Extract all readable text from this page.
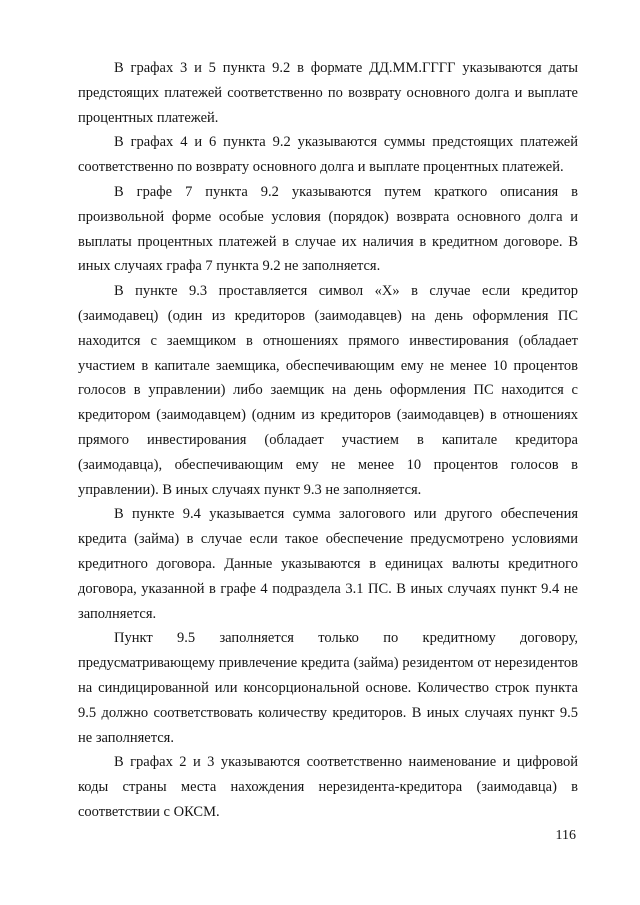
В графах 3 и 5 пункта 9.2 в формате ДД.ММ.ГГГГ указываются даты предстоящих платежей соответственно по возврату основного долга и выплате процентных платежей.

В графах 4 и 6 пункта 9.2 указываются суммы предстоящих платежей соответственно по возврату основного долга и выплате процентных платежей.

В графе 7 пункта 9.2 указываются путем краткого описания в произвольной форме особые условия (порядок) возврата основного долга и выплаты процентных платежей в случае их наличия в кредитном договоре. В иных случаях графа 7 пункта 9.2 не заполняется.

В пункте 9.3 проставляется символ «X» в случае если кредитор (заимодавец) (один из кредиторов (заимодавцев) на день оформления ПС находится с заемщиком в отношениях прямого инвестирования (обладает участием в капитале заемщика, обеспечивающим ему не менее 10 процентов голосов в управлении) либо заемщик на день оформления ПС находится с кредитором (заимодавцем) (одним из кредиторов (заимодавцев) в отношениях прямого инвестирования (обладает участием в капитале кредитора (заимодавца), обеспечивающим ему не менее 10 процентов голосов в управлении). В иных случаях пункт 9.3 не заполняется.

В пункте 9.4 указывается сумма залогового или другого обеспечения кредита (займа) в случае если такое обеспечение предусмотрено условиями кредитного договора. Данные указываются в единицах валюты кредитного договора, указанной в графе 4 подраздела 3.1 ПС. В иных случаях пункт 9.4 не заполняется.

Пункт 9.5 заполняется только по кредитному договору, предусматривающему привлечение кредита (займа) резидентом от нерезидентов на синдицированной или консорциональной основе. Количество строк пункта 9.5 должно соответствовать количеству кредиторов. В иных случаях пункт 9.5 не заполняется.

В графах 2 и 3 указываются соответственно наименование и цифровой коды страны места нахождения нерезидента-кредитора (заимодавца) в соответствии с ОКСМ.

116
